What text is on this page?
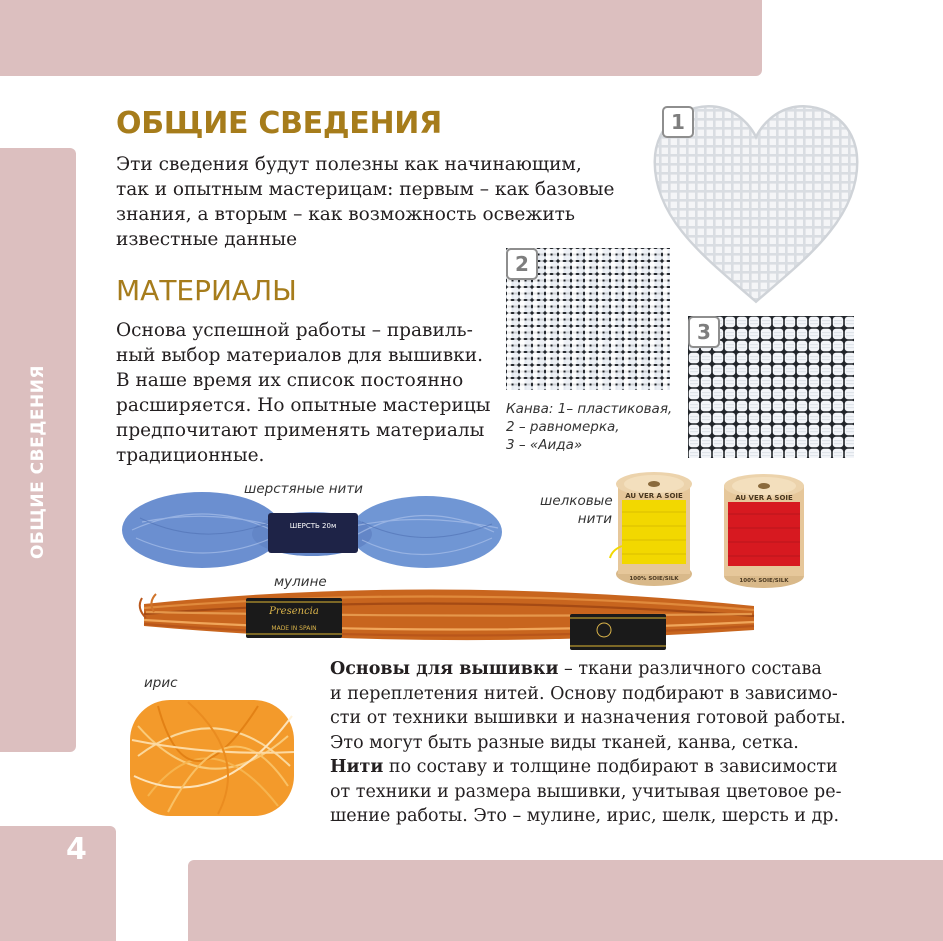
ОБЩИЕ СВЕДЕНИЯ
4
ОБЩИЕ СВЕДЕНИЯ
Эти сведения будут полезны как начинающим,
так и опытным мастерицам: первым – как базовые
знания, а вторым – как возможность освежить
известные данные
МАТЕРИАЛЫ
Основа успешной работы – правиль-
ный выбор материалов для вышивки.
В наше время их список постоянно
расширяется. Но опытные мастерицы
предпочитают применять материалы
традиционные.
1
2
3
Канва: 1– пластиковая,
2 – равномерка,
3 – «Аида»
шерстяные нити
ШЕРСТЬ 20м
шелковые
нити
AU VER A SOIE
100% SOIE/SILK
AU VER A SOIE
100% SOIE/SILK
мулине
Presencia
MADE IN SPAIN
ирис
Основы для вышивки – ткани различного состава
и переплетения нитей. Основу подбирают в зависимо-
сти от техники вышивки и назначения готовой работы.
Это могут быть разные виды тканей, канва, сетка.
Нити по составу и толщине подбирают в зависимости
от техники и размера вышивки, учитывая цветовое ре-
шение работы. Это – мулине, ирис, шелк, шерсть и др.
